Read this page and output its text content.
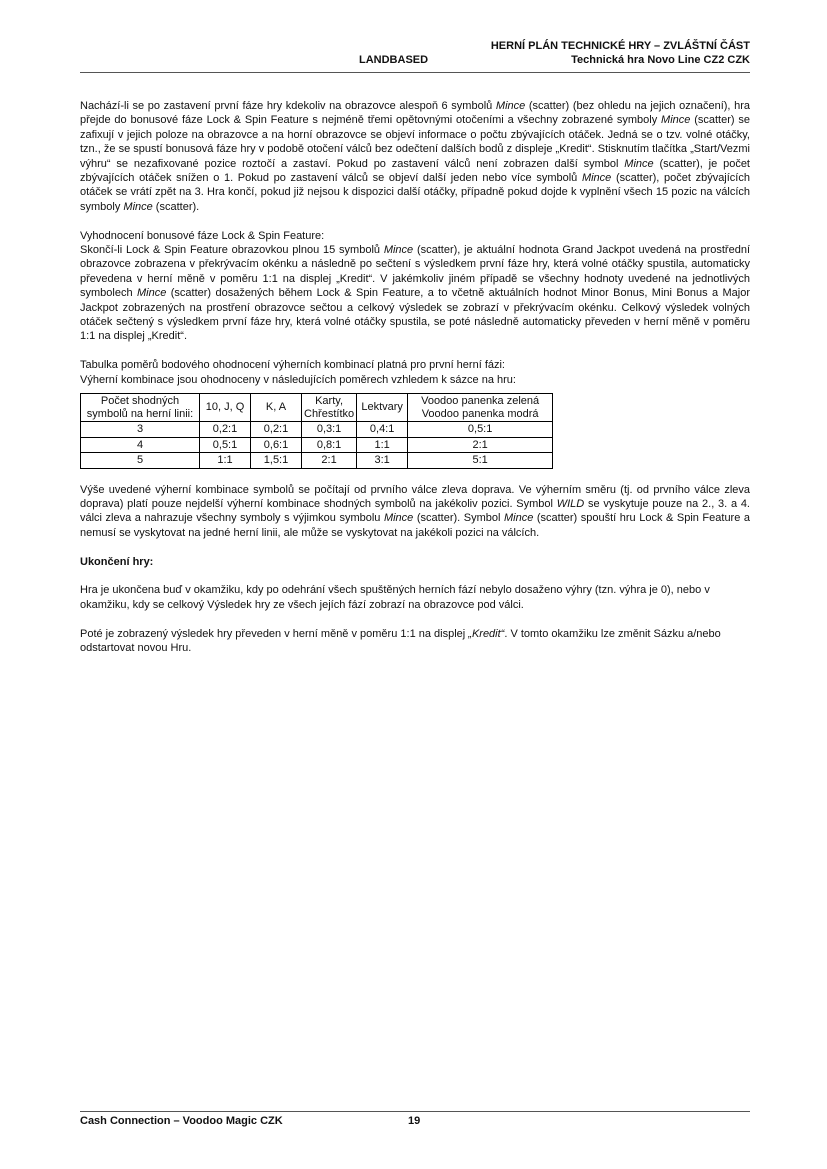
HERNÍ PLÁN TECHNICKÉ HRY – ZVLÁŠTNÍ ČÁST
LANDBASED	Technická hra Novo Line CZ2 CZK

Nachází-li se po zastavení první fáze hry kdekoliv na obrazovce alespoň 6 symbolů Mince (scatter) (bez ohledu na jejich označení), hra přejde do bonusové fáze Lock & Spin Feature s nejméně třemi opětovnými otočeními a všechny zobrazené symboly Mince (scatter) se zafixují v jejich poloze na obrazovce a na horní obrazovce se objeví informace o počtu zbývajících otáček. Jedná se o tzv. volné otáčky, tzn., že se spustí bonusová fáze hry v podobě otočení válců bez odečtení dalších bodů z displeje „Kredit“. Stisknutím tlačítka „Start/Vezmi výhru“ se nezafixované pozice roztočí a zastaví. Pokud po zastavení válců není zobrazen další symbol Mince (scatter), je počet zbývajících otáček snížen o 1. Pokud po zastavení válců se objeví další jeden nebo více symbolů Mince (scatter), počet zbývajících otáček se vrátí zpět na 3. Hra končí, pokud již nejsou k dispozici další otáčky, případně pokud dojde k vyplnění všech 15 pozic na válcích symboly Mince (scatter).

Vyhodnocení bonusové fáze Lock & Spin Feature:

Skončí-li Lock & Spin Feature obrazovkou plnou 15 symbolů Mince (scatter), je aktuální hodnota Grand Jackpot uvedená na prostřední obrazovce zobrazena v překrývacím okénku a následně po sečtení s výsledkem první fáze hry, která volné otáčky spustila, automaticky převedena v herní měně v poměru 1:1 na displej „Kredit“. V jakémkoliv jiném případě se všechny hodnoty uvedené na jednotlivých symbolech Mince (scatter) dosažených během Lock & Spin Feature, a to včetně aktuálních hodnot Minor Bonus, Mini Bonus a Major Jackpot zobrazených na prostření obrazovce sečtou a celkový výsledek se zobrazí v překrývacím okénku. Celkový výsledek volných otáček sečtený s výsledkem první fáze hry, která volné otáčky spustila, se poté následně automaticky převeden v herní měně v poměru 1:1 na displej „Kredit“.

Tabulka poměrů bodového ohodnocení výherních kombinací platná pro první herní fázi:

Výherní kombinace jsou ohodnoceny v následujících poměrech vzhledem k sázce na hru:

Počet shodných symbolů na herní linii:	10, J, Q	K, A	Karty, Chřestítko	Lektvary	Voodoo panenka zelená Voodoo panenka modrá
3	0,2:1	0,2:1	0,3:1	0,4:1	0,5:1
4	0,5:1	0,6:1	0,8:1	1:1	2:1
5	1:1	1,5:1	2:1	3:1	5:1

Výše uvedené výherní kombinace symbolů se počítají od prvního válce zleva doprava. Ve výherním směru (tj. od prvního válce zleva doprava) platí pouze nejdelší výherní kombinace shodných symbolů na jakékoliv pozici. Symbol WILD se vyskytuje pouze na 2., 3. a 4. válci zleva a nahrazuje všechny symboly s výjimkou symbolu Mince (scatter). Symbol Mince (scatter) spouští hru Lock & Spin Feature a nemusí se vyskytovat na jedné herní linii, ale může se vyskytovat na jakékoli pozici na válcích.

Ukončení hry:

Hra je ukončena buď v okamžiku, kdy po odehrání všech spuštěných herních fází nebylo dosaženo výhry (tzn. výhra je 0), nebo v okamžiku, kdy se celkový Výsledek hry ze všech jejích fází zobrazí na obrazovce pod válci.

Poté je zobrazený výsledek hry převeden v herní měně v poměru 1:1 na displej „Kredit“. V tomto okamžiku lze změnit Sázku a/nebo odstartovat novou Hru.

Cash Connection – Voodoo Magic CZK	19
